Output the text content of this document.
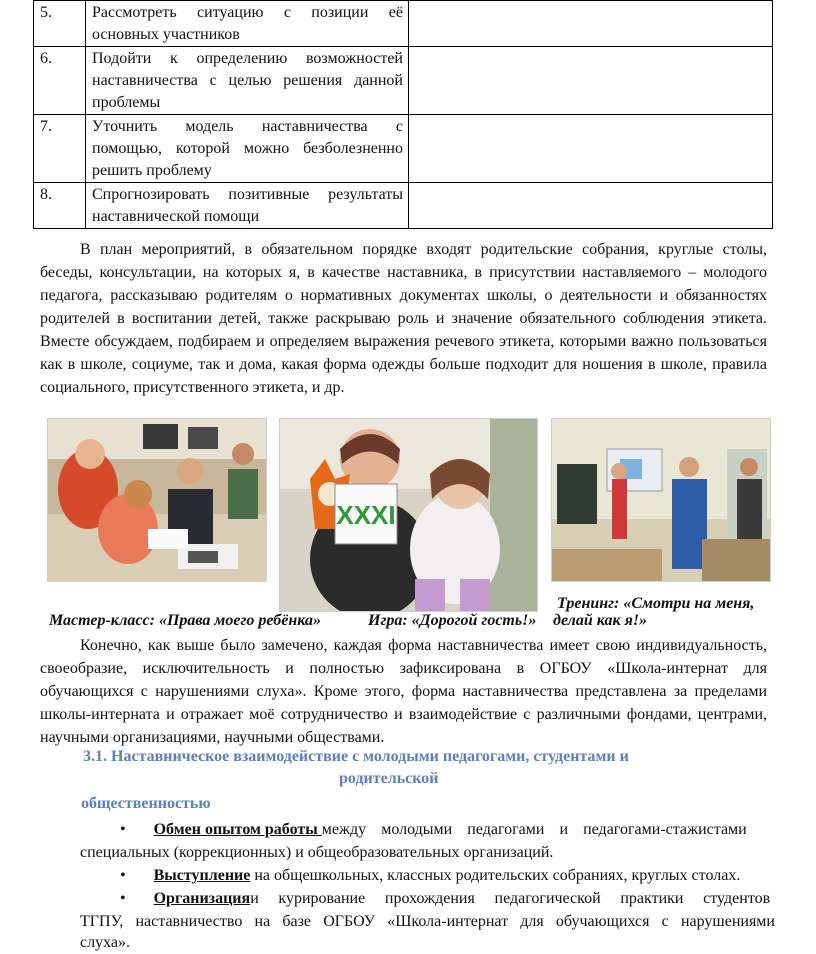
5.	Рассмотреть ситуацию с позиции её основных участников	
6.	Подойти к определению возможностей наставничества с целью решения данной проблемы	
7.	Уточнить модель наставничества с помощью, которой можно безболезненно решить проблему	
8.	Спрогнозировать позитивные результаты наставнической помощи	
В план мероприятий, в обязательном порядке входят родительские собрания, круглые столы, беседы, консультации, на которых я, в качестве наставника, в присутствии наставляемого – молодого педагога, рассказываю родителям о нормативных документах школы, о деятельности и обязанностях родителей в воспитании детей, также раскрываю роль и значение обязательного соблюдения этикета. Вместе обсуждаем, подбираем и определяем выражения речевого этикета, которыми важно пользоваться как в школе, социуме, так и дома, какая форма одежды больше подходит для ношения в школе, правила социального, присутственного этикета, и др.
XXXI
Тренинг: «Смотри на меня,
Мастер-класс: «Права моего ребёнка»	Игра: «Дорогой гость!» делай как я!»
Конечно, как выше было замечено, каждая форма наставничества имеет свою индивидуальность, своеобразие, исключительность и полностью зафиксирована в ОГБОУ «Школа-интернат для обучающихся с нарушениями слуха». Кроме этого, форма наставничества представлена за пределами школы-интерната и отражает моё сотрудничество и взаимодействие с различными фондами, центрами, научными организациями, научными обществами.
3.1. Наставническое взаимодействие с молодыми педагогами, студентами и
родительской
общественностью
• Обмен опытом работы между молодыми педагогами и педагогами-стажистами
специальных (коррекционных) и общеобразовательных организаций.
• Выступление на общешкольных, классных родительских собраниях, круглых столах.
• Организацияи курирование прохождения педагогической практики студентов
ТГПУ, наставничество на базе ОГБОУ «Школа-интернат для обучающихся с нарушениями
слуха».
